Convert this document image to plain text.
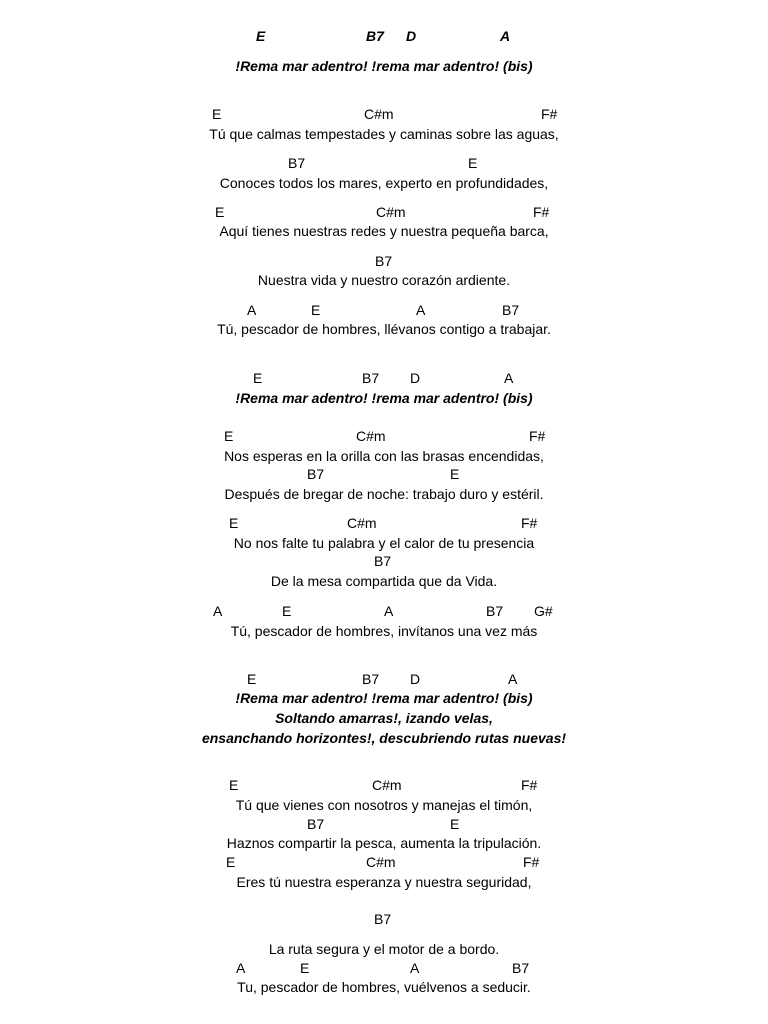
E	B7 D	A
!Rema mar adentro! !rema mar adentro! (bis)
E	C#m	F#
Tú que calmas tempestades y caminas sobre las aguas,
B7	E
Conoces todos los mares, experto en profundidades,
E	C#m	F#
Aquí tienes nuestras redes y nuestra pequeña barca,
B7
Nuestra vida y nuestro corazón ardiente.
A	E	A	B7
Tú, pescador de hombres, llévanos contigo a trabajar.
E	B7 D	A
!Rema mar adentro! !rema mar adentro! (bis)
E	C#m	F#
Nos esperas en la orilla con las brasas encendidas,
B7	E
Después de bregar de noche: trabajo duro y estéril.
E	C#m	F#
No nos falte tu palabra y el calor de tu presencia
B7
De la mesa compartida que da Vida.
A	E	A	B7 G#
Tú, pescador de hombres, invítanos una vez más
E	B7 D	A
!Rema mar adentro! !rema mar adentro! (bis)
Soltando amarras!, izando velas,
ensanchando horizontes!, descubriendo rutas nuevas!
E	C#m	F#
Tú que vienes con nosotros y manejas el timón,
B7	E
Haznos compartir la pesca, aumenta la tripulación.
E	C#m	F#
Eres tú nuestra esperanza y nuestra seguridad,
B7
La ruta segura y el motor de a bordo.
A	E	A	B7
Tu, pescador de hombres, vuélvenos a seducir.
